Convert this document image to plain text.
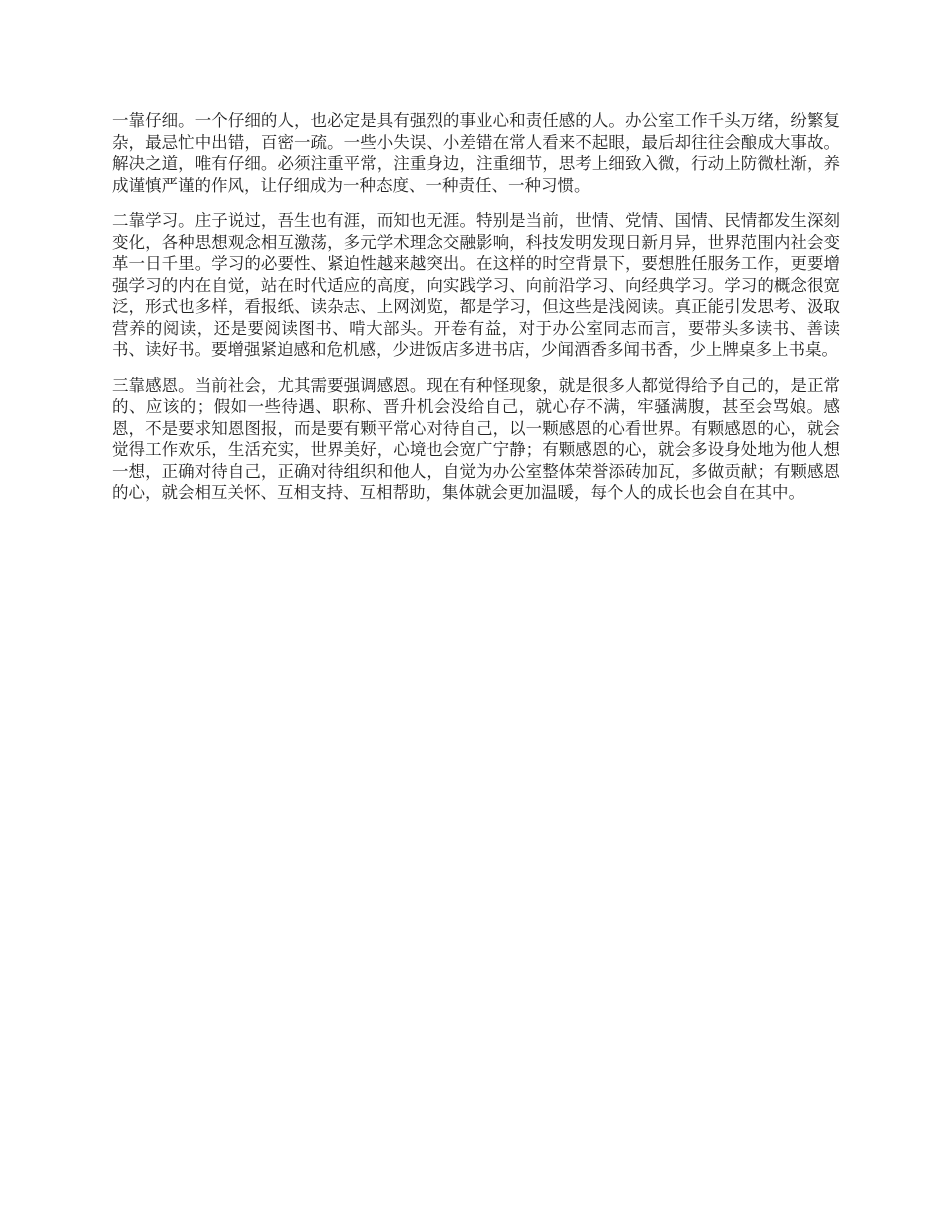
一靠仔细。一个仔细的人，也必定是具有强烈的事业心和责任感的人。办公室工作千头万绪，纷繁复杂，最忌忙中出错，百密一疏。一些小失误、小差错在常人看来不起眼，最后却往往会酿成大事故。解决之道，唯有仔细。必须注重平常，注重身边，注重细节，思考上细致入微，行动上防微杜渐，养成谨慎严谨的作风，让仔细成为一种态度、一种责任、一种习惯。

二靠学习。庄子说过，吾生也有涯，而知也无涯。特别是当前，世情、党情、国情、民情都发生深刻变化，各种思想观念相互激荡，多元学术理念交融影响，科技发明发现日新月异，世界范围内社会变革一日千里。学习的必要性、紧迫性越来越突出。在这样的时空背景下，要想胜任服务工作，更要增强学习的内在自觉，站在时代适应的高度，向实践学习、向前沿学习、向经典学习。学习的概念很宽泛，形式也多样，看报纸、读杂志、上网浏览，都是学习，但这些是浅阅读。真正能引发思考、汲取营养的阅读，还是要阅读图书、啃大部头。开卷有益，对于办公室同志而言，要带头多读书、善读书、读好书。要增强紧迫感和危机感，少进饭店多进书店，少闻酒香多闻书香，少上牌桌多上书桌。

三靠感恩。当前社会，尤其需要强调感恩。现在有种怪现象，就是很多人都觉得给予自己的，是正常的、应该的；假如一些待遇、职称、晋升机会没给自己，就心存不满，牢骚满腹，甚至会骂娘。感恩，不是要求知恩图报，而是要有颗平常心对待自己，以一颗感恩的心看世界。有颗感恩的心，就会觉得工作欢乐，生活充实，世界美好，心境也会宽广宁静；有颗感恩的心，就会多设身处地为他人想一想，正确对待自己，正确对待组织和他人，自觉为办公室整体荣誉添砖加瓦，多做贡献；有颗感恩的心，就会相互关怀、互相支持、互相帮助，集体就会更加温暖，每个人的成长也会自在其中。
